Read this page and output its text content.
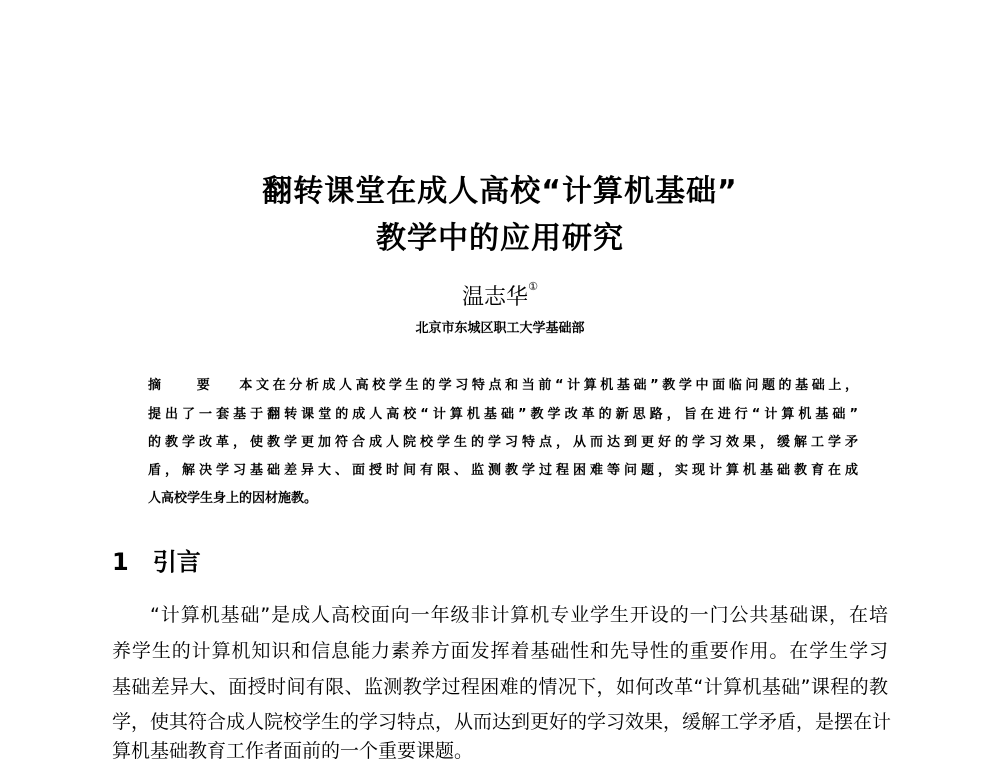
翻转课堂在成人高校“计算机基础”
教学中的应用研究
温志华①
北京市东城区职工大学基础部
摘 要 本文在分析成人高校学生的学习特点和当前“计算机基础”教学中面临问题的基础上，
提出了一套基于翻转课堂的成人高校“计算机基础”教学改革的新思路，旨在进行“计算机基础”
的教学改革，使教学更加符合成人院校学生的学习特点，从而达到更好的学习效果，缓解工学矛
盾，解决学习基础差异大、面授时间有限、监测教学过程困难等问题，实现计算机基础教育在成
人高校学生身上的因材施教。
1 引言
“计算机基础”是成人高校面向一年级非计算机专业学生开设的一门公共基础课，在培
养学生的计算机知识和信息能力素养方面发挥着基础性和先导性的重要作用。在学生学习
基础差异大、面授时间有限、监测教学过程困难的情况下，如何改革“计算机基础”课程的教
学，使其符合成人院校学生的学习特点，从而达到更好的学习效果，缓解工学矛盾，是摆在计
算机基础教育工作者面前的一个重要课题。
